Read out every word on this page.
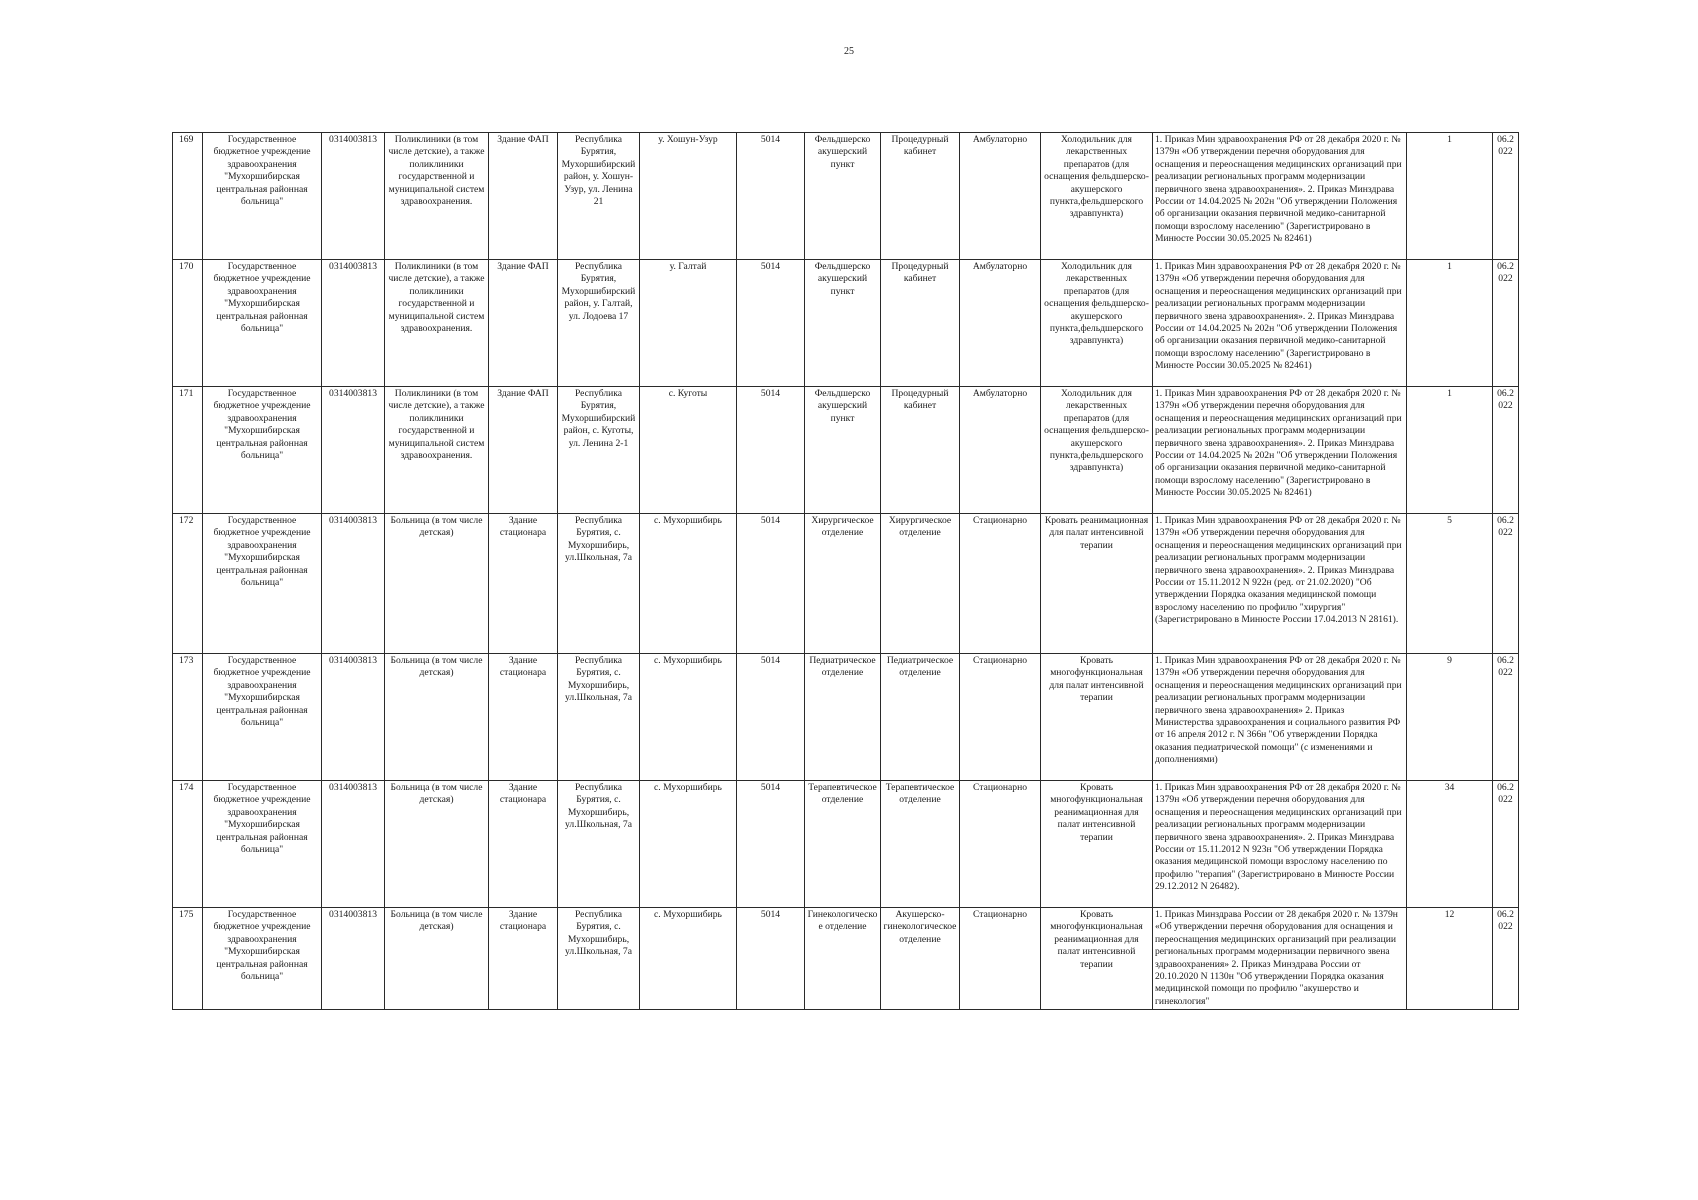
25
169	Государственное бюджетное учреждение здравоохранения "Мухоршибирская центральная районная больница"	0314003813	Поликлиники (в том числе детские), а также поликлиники государственной и муниципальной систем здравоохранения.	Здание ФАП	Республика Бурятия, Мухоршибирский район, у. Хошун-Узур, ул. Ленина 21	у. Хошун-Узур	5014	Фельдшерско акушерский пункт	Процедурный кабинет	Амбулаторно	Холодильник для лекарственных препаратов (для оснащения фельдшерско-акушерского пункта,фельдшерского здравпункта)	1. Приказ Мин здравоохранения РФ от 28 декабря 2020 г. № 1379н «Об утверждении перечня оборудования для оснащения и переоснащения медицинских организаций при реализации региональных программ модернизации первичного звена здравоохранения». 2. Приказ Минздрава России от 14.04.2025 № 202н "Об утверждении Положения об организации оказания первичной медико-санитарной помощи взрослому населению" (Зарегистрировано в Минюсте России 30.05.2025 № 82461)	1	06.2022
170	Государственное бюджетное учреждение здравоохранения "Мухоршибирская центральная районная больница"	0314003813	Поликлиники (в том числе детские), а также поликлиники государственной и муниципальной систем здравоохранения.	Здание ФАП	Республика Бурятия, Мухоршибирский район, у. Галтай, ул. Лодоева 17	у. Галтай	5014	Фельдшерско акушерский пункт	Процедурный кабинет	Амбулаторно	Холодильник для лекарственных препаратов (для оснащения фельдшерско-акушерского пункта,фельдшерского здравпункта)	1. Приказ Мин здравоохранения РФ от 28 декабря 2020 г. № 1379н «Об утверждении перечня оборудования для оснащения и переоснащения медицинских организаций при реализации региональных программ модернизации первичного звена здравоохранения». 2. Приказ Минздрава России от 14.04.2025 № 202н "Об утверждении Положения об организации оказания первичной медико-санитарной помощи взрослому населению" (Зарегистрировано в Минюсте России 30.05.2025 № 82461)	1	06.2022
171	Государственное бюджетное учреждение здравоохранения "Мухоршибирская центральная районная больница"	0314003813	Поликлиники (в том числе детские), а также поликлиники государственной и муниципальной систем здравоохранения.	Здание ФАП	Республика Бурятия, Мухоршибирский район, с. Куготы, ул. Ленина 2-1	с. Куготы	5014	Фельдшерско акушерский пункт	Процедурный кабинет	Амбулаторно	Холодильник для лекарственных препаратов (для оснащения фельдшерско-акушерского пункта,фельдшерского здравпункта)	1. Приказ Мин здравоохранения РФ от 28 декабря 2020 г. № 1379н «Об утверждении перечня оборудования для оснащения и переоснащения медицинских организаций при реализации региональных программ модернизации первичного звена здравоохранения». 2. Приказ Минздрава России от 14.04.2025 № 202н "Об утверждении Положения об организации оказания первичной медико-санитарной помощи взрослому населению" (Зарегистрировано в Минюсте России 30.05.2025 № 82461)	1	06.2022
172	Государственное бюджетное учреждение здравоохранения "Мухоршибирская центральная районная больница"	0314003813	Больница (в том числе детская)	Здание стационара	Республика Бурятия, с. Мухоршибирь, ул.Школьная, 7а	с. Мухоршибирь	5014	Хирургическое отделение	Хирургическое отделение	Стационарно	Кровать реанимационная для палат интенсивной терапии	1. Приказ Мин здравоохранения РФ от 28 декабря 2020 г. № 1379н «Об утверждении перечня оборудования для оснащения и переоснащения медицинских организаций при реализации региональных программ модернизации первичного звена здравоохранения». 2. Приказ Минздрава России от 15.11.2012 N 922н (ред. от 21.02.2020) "Об утверждении Порядка оказания медицинской помощи взрослому населению по профилю "хирургия" (Зарегистрировано в Минюсте России 17.04.2013 N 28161).	5	06.2022
173	Государственное бюджетное учреждение здравоохранения "Мухоршибирская центральная районная больница"	0314003813	Больница (в том числе детская)	Здание стационара	Республика Бурятия, с. Мухоршибирь, ул.Школьная, 7а	с. Мухоршибирь	5014	Педиатрическое отделение	Педиатрическое отделение	Стационарно	Кровать многофункциональная для палат интенсивной терапии	1. Приказ Мин здравоохранения РФ от 28 декабря 2020 г. № 1379н «Об утверждении перечня оборудования для оснащения и переоснащения медицинских организаций при реализации региональных программ модернизации первичного звена здравоохранения» 2. Приказ Министерства здравоохранения и социального развития РФ от 16 апреля 2012 г. N 366н "Об утверждении Порядка оказания педиатрической помощи" (с изменениями и дополнениями)	9	06.2022
174	Государственное бюджетное учреждение здравоохранения "Мухоршибирская центральная районная больница"	0314003813	Больница (в том числе детская)	Здание стационара	Республика Бурятия, с. Мухоршибирь, ул.Школьная, 7а	с. Мухоршибирь	5014	Терапевтическое отделение	Терапевтическое отделение	Стационарно	Кровать многофункциональная реанимационная для палат интенсивной терапии	1. Приказ Мин здравоохранения РФ от 28 декабря 2020 г. № 1379н «Об утверждении перечня оборудования для оснащения и переоснащения медицинских организаций при реализации региональных программ модернизации первичного звена здравоохранения». 2. Приказ Минздрава России от 15.11.2012 N 923н "Об утверждении Порядка оказания медицинской помощи взрослому населению по профилю "терапия" (Зарегистрировано в Минюсте России 29.12.2012 N 26482).	34	06.2022
175	Государственное бюджетное учреждение здравоохранения "Мухоршибирская центральная районная больница"	0314003813	Больница (в том числе детская)	Здание стационара	Республика Бурятия, с. Мухоршибирь, ул.Школьная, 7а	с. Мухоршибирь	5014	Гинекологическое отделение	Акушерско-гинекологическое отделение	Стационарно	Кровать многофункциональная реанимационная для палат интенсивной терапии	1. Приказ Минздрава России от 28 декабря 2020 г. № 1379н «Об утверждении перечня оборудования для оснащения и переоснащения медицинских организаций при реализации региональных программ модернизации первичного звена здравоохранения» 2. Приказ Минздрава России от 20.10.2020 N 1130н "Об утверждении Порядка оказания медицинской помощи по профилю "акушерство и гинекология"	12	06.2022
